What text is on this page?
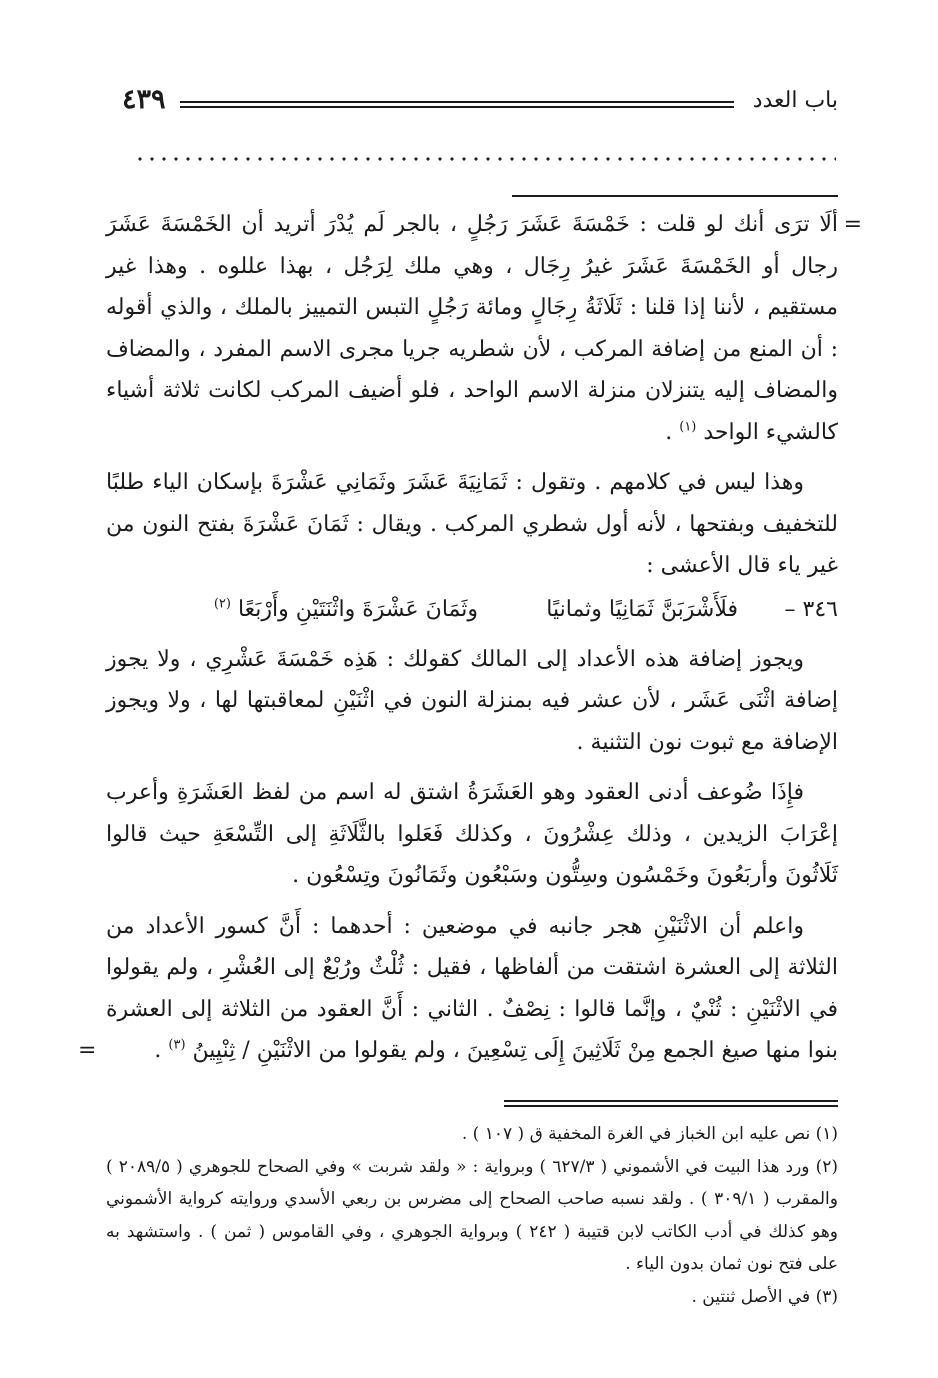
باب العدد
٤٣٩
=

ألَا ترَى أنك لو قلت : خَمْسَةَ عَشَرَ رَجُلٍ ، بالجر لَم يُدْرَ أتريد أن الخَمْسَةَ عَشَرَ رجال أو الخَمْسَةَ عَشَرَ غيرُ رِجَال ، وهي ملك لِرَجُل ، بهذا عللوه . وهذا غير مستقيم ، لأننا إذا قلنا : ثَلَاثَةُ رِجَالٍ ومائة رَجُلٍ التبس التمييز بالملك ، والذي أقوله : أن المنع من إضافة المركب ، لأن شطريه جريا مجرى الاسم المفرد ، والمضاف والمضاف إليه يتنزلان منزلة الاسم الواحد ، فلو أضيف المركب لكانت ثلاثة أشياء كالشيء الواحد $^{(١)}$ .

وهذا ليس في كلامهم . وتقول : ثَمَانِيَةَ عَشَرَ وثَمَانِي عَشْرَةَ بإسكان الياء طلبًا للتخفيف وبفتحها ، لأنه أول شطري المركب . ويقال : ثَمَانَ عَشْرَةَ بفتح النون من غير ياء قال الأعشى :

٣٤٦ –
فلَأَشْرَبَنَّ ثَمَانِيًا وثمانيًا
وثَمَانَ عَشْرَةَ واثْنَتَيْنِ وأَرْبَعًا $^{(٢)}$

ويجوز إضافة هذه الأعداد إلى المالك كقولك : هَذِه خَمْسَةَ عَشْرِي ، ولا يجوز إضافة اثْنَى عَشَر ، لأن عشر فيه بمنزلة النون في اثْنَيْنِ لمعاقبتها لها ، ولا ويجوز الإضافة مع ثبوت نون التثنية .

فإِذَا ضُوعف أدنى العقود وهو العَشَرَةُ اشتق له اسم من لفظ العَشَرَةِ وأعرب إعْرَابَ الزيدين ، وذلك عِشْرُونَ ، وكذلك فَعَلوا بالثَّلَاثَةِ إلى التِّسْعَةِ حيث قالوا ثَلَاثُونَ وأربَعُونَ وخَمْسُون وسِتُّون وسَبْعُون وثَمَانُونَ وتِسْعُون .

واعلم أن الاثْنَيْنِ هجر جانبه في موضعين : أحدهما : أَنَّ كسور الأعداد من الثلاثة إلى العشرة اشتقت من ألفاظها ، فقيل : ثُلْثٌ ورُبْعٌ إلى العُشْرِ ، ولم يقولوا في الاثْنَيْنِ : ثُنْيٌ ، وإنَّما قالوا : نِصْفٌ . الثاني : أَنَّ العقود من الثلاثة إلى العشرة بنوا منها صيغ الجمع مِنْ ثَلَاثِينَ إِلَى تِسْعِينَ ، ولم يقولوا من الاثْنَيْنِ / ثِنْيِينُ $^{(٣)}$ .
=

(١) نص عليه ابن الخباز في الغرة المخفية ق ( ١٠٧ ) .

(٢) ورد هذا البيت في الأشموني ( ٦٢٧/٣ ) وبرواية : « ولقد شربت » وفي الصحاح للجوهري ( ٢٠٨٩/٥ ) والمقرب ( ٣٠٩/١ ) . ولقد نسبه صاحب الصحاح إلى مضرس بن ربعي الأسدي وروايته كرواية الأشموني وهو كذلك في أدب الكاتب لابن قتيبة ( ٢٤٢ ) وبرواية الجوهري ، وفي القاموس ( ثمن ) . واستشهد به على فتح نون ثمان بدون الياء .

(٣) في الأصل ثنتين .
